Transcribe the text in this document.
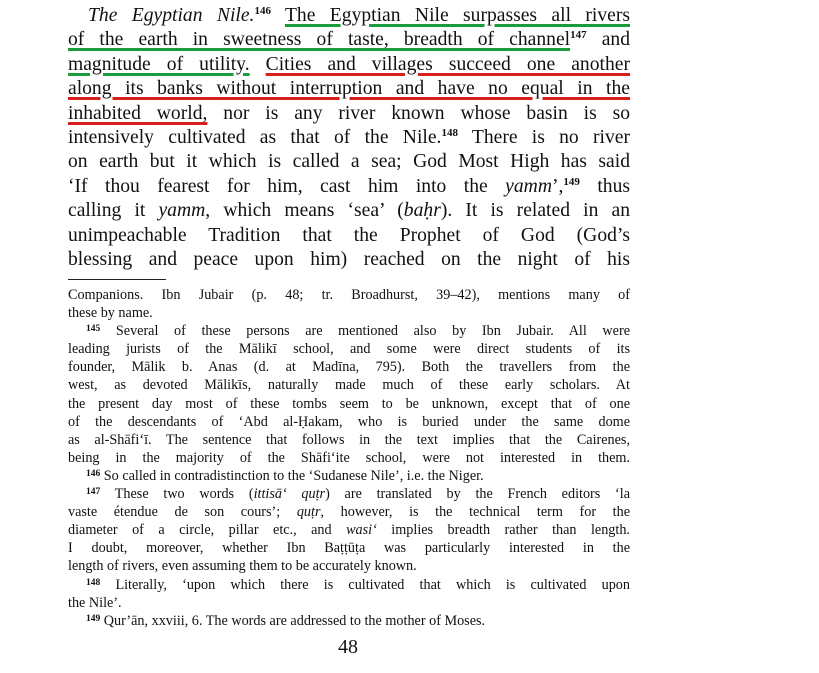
The Egyptian Nile.$^{146}$ The Egyptian Nile surpasses all rivers
of the earth in sweetness of taste, breadth of channel$^{147}$ and
magnitude of utility. Cities and villages succeed one another
along its banks without interruption and have no equal in the
inhabited world, nor is any river known whose basin is so
intensively cultivated as that of the Nile.$^{148}$ There is no river
on earth but it which is called a sea; God Most High has said
‘If thou fearest for him, cast him into the yamm’,$^{149}$ thus
calling it yamm, which means ‘sea’ (baḥr). It is related in an
unimpeachable Tradition that the Prophet of God (God’s
blessing and peace upon him) reached on the night of his
Companions. Ibn Jubair (p. 48; tr. Broadhurst, 39–42), mentions many of
these by name.
$^{145}$ Several of these persons are mentioned also by Ibn Jubair. All were
leading jurists of the Mālikī school, and some were direct students of its
founder, Mālik b. Anas (d. at Madīna, 795). Both the travellers from the
west, as devoted Mālikīs, naturally made much of these early scholars. At
the present day most of these tombs seem to be unknown, except that of one
of the descendants of ‘Abd al-Ḥakam, who is buried under the same dome
as al-Shāfi‘ī. The sentence that follows in the text implies that the Cairenes,
being in the majority of the Shāfi‘ite school, were not interested in them.
$^{146}$ So called in contradistinction to the ‘Sudanese Nile’, i.e. the Niger.
$^{147}$ These two words (ittisā‘ quṭr) are translated by the French editors ‘la
vaste étendue de son cours’; quṭr, however, is the technical term for the
diameter of a circle, pillar etc., and wasi‘ implies breadth rather than length.
I doubt, moreover, whether Ibn Baṭṭūṭa was particularly interested in the
length of rivers, even assuming them to be accurately known.
$^{148}$ Literally, ‘upon which there is cultivated that which is cultivated upon
the Nile’.
$^{149}$ Qur’ān, xxviii, 6. The words are addressed to the mother of Moses.
48
